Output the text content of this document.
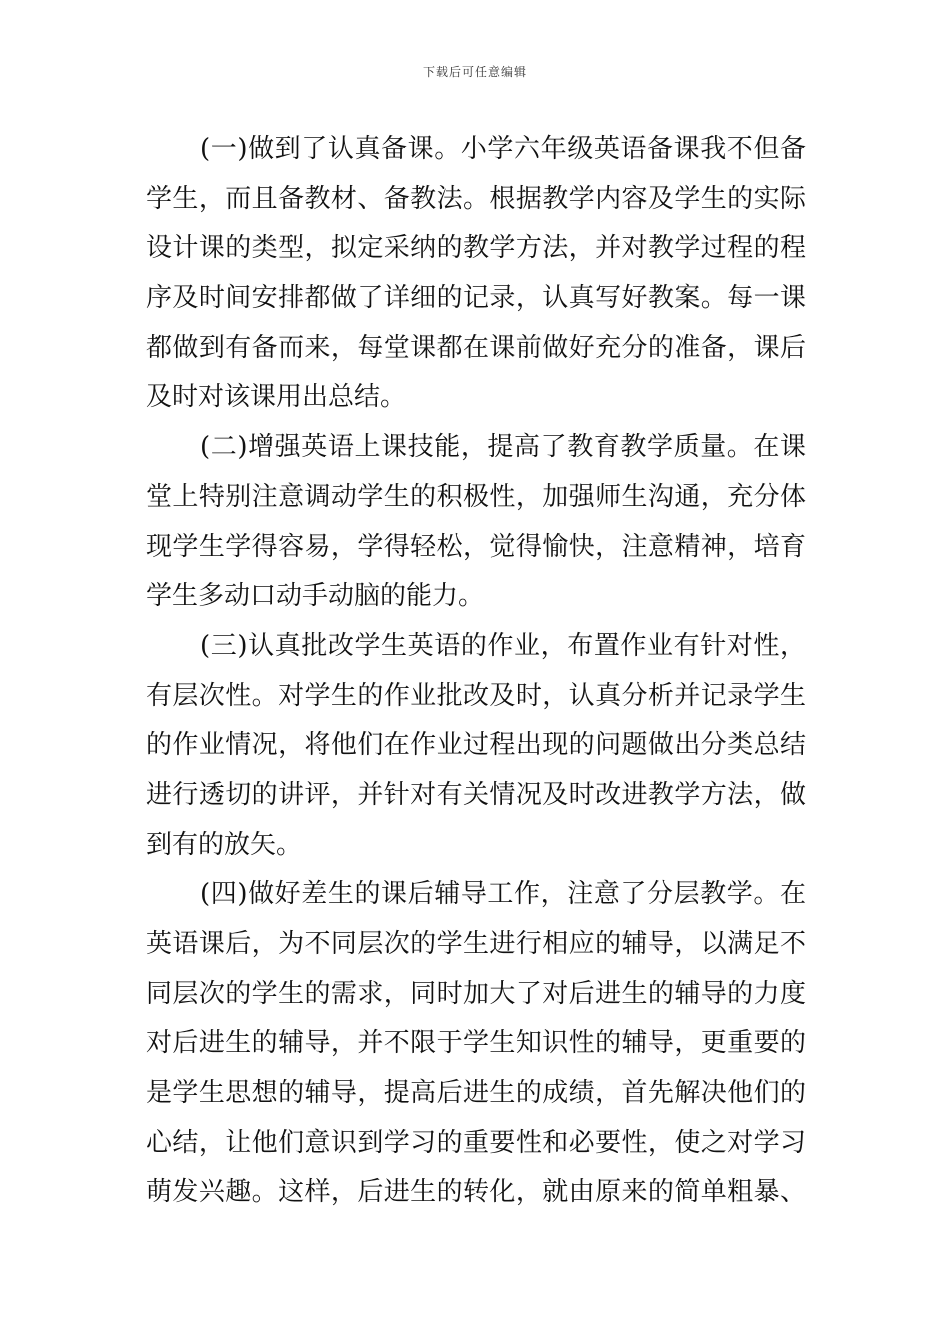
下载后可任意编辑
(一)做到了认真备课。小学六年级英语备课我不但备
学生，而且备教材、备教法。根据教学内容及学生的实际
设计课的类型，拟定采纳的教学方法，并对教学过程的程
序及时间安排都做了详细的记录，认真写好教案。每一课
都做到有备而来，每堂课都在课前做好充分的准备，课后
及时对该课用出总结。
(二)增强英语上课技能，提高了教育教学质量。在课
堂上特别注意调动学生的积极性，加强师生沟通，充分体
现学生学得容易，学得轻松，觉得愉快，注意精神，培育
学生多动口动手动脑的能力。
(三)认真批改学生英语的作业，布置作业有针对性，
有层次性。对学生的作业批改及时，认真分析并记录学生
的作业情况，将他们在作业过程出现的问题做出分类总结
进行透切的讲评，并针对有关情况及时改进教学方法，做
到有的放矢。
(四)做好差生的课后辅导工作，注意了分层教学。在
英语课后，为不同层次的学生进行相应的辅导，以满足不
同层次的学生的需求，同时加大了对后进生的辅导的力度
对后进生的辅导，并不限于学生知识性的辅导，更重要的
是学生思想的辅导，提高后进生的成绩，首先解决他们的
心结，让他们意识到学习的重要性和必要性，使之对学习
萌发兴趣。这样，后进生的转化，就由原来的简单粗暴、
